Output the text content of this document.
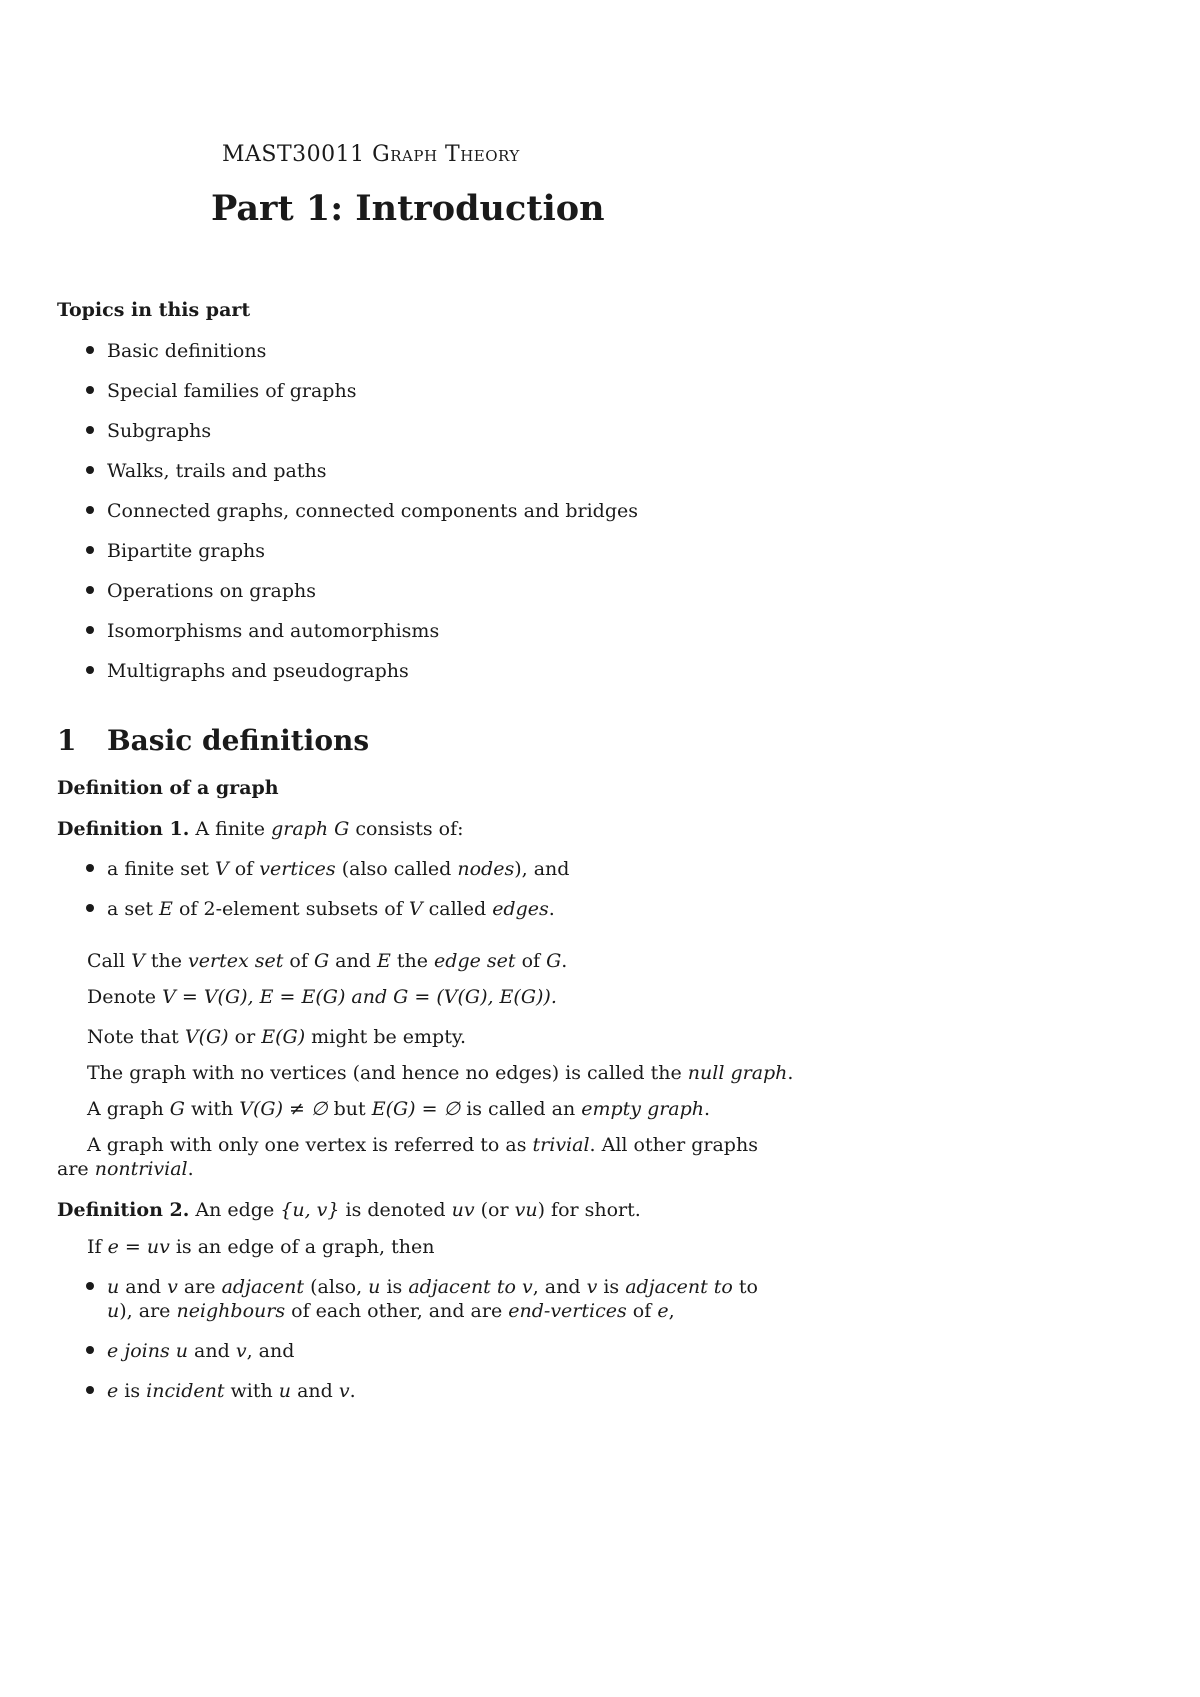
MAST30011 Graph Theory
Part 1: Introduction
Topics in this part
Basic definitions
Special families of graphs
Subgraphs
Walks, trails and paths
Connected graphs, connected components and bridges
Bipartite graphs
Operations on graphs
Isomorphisms and automorphisms
Multigraphs and pseudographs
1 Basic definitions
Definition of a graph
Definition 1. A finite graph G consists of:
a finite set V of vertices (also called nodes), and
a set E of 2-element subsets of V called edges.
Call V the vertex set of G and E the edge set of G.
Denote V = V(G), E = E(G) and G = (V(G), E(G)).
Note that V(G) or E(G) might be empty.
The graph with no vertices (and hence no edges) is called the null graph.
A graph G with V(G) ≠ ∅ but E(G) = ∅ is called an empty graph.
A graph with only one vertex is referred to as trivial. All other graphs
are nontrivial.
Definition 2. An edge {u, v} is denoted uv (or vu) for short.
If e = uv is an edge of a graph, then
u and v are adjacent (also, u is adjacent to v, and v is adjacent to to
u), are neighbours of each other, and are end-vertices of e,
e joins u and v, and
e is incident with u and v.
